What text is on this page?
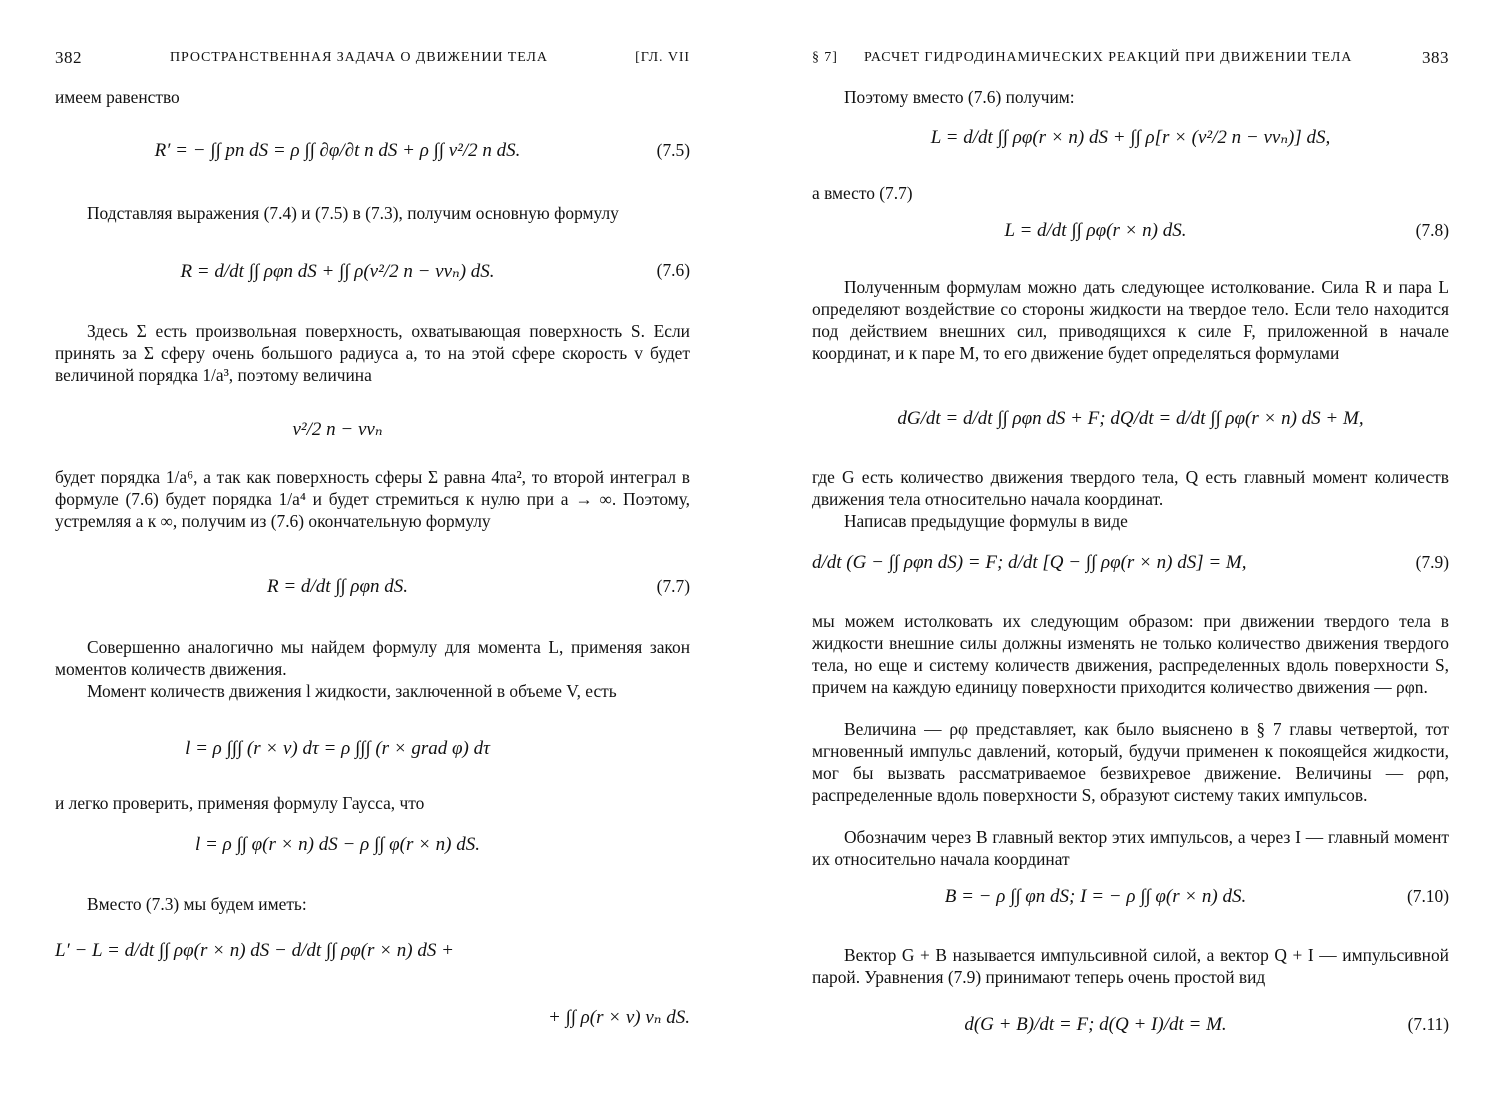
382	ПРОСТРАНСТВЕННАЯ ЗАДАЧА О ДВИЖЕНИИ ТЕЛА	[ГЛ. VII

имеем равенство

R′ = − ∫∫ pn dS = ρ ∫∫ ∂φ/∂t n dS + ρ ∫∫ v²/2 n dS.	(7.5)

Подставляя выражения (7.4) и (7.5) в (7.3), получим основную формулу

R = d/dt ∫∫ ρφn dS + ∫∫ ρ(v²/2 n − vvₙ) dS.	(7.6)

Здесь Σ есть произвольная поверхность, охватывающая поверхность S. Если принять за Σ сферу очень большого радиуса a, то на этой сфере скорость v будет величиной порядка 1/a³, поэтому величина

v²/2 n − vvₙ

будет порядка 1/a⁶, а так как поверхность сферы Σ равна 4πa², то второй интеграл в формуле (7.6) будет порядка 1/a⁴ и будет стремиться к нулю при a → ∞. Поэтому, устремляя a к ∞, получим из (7.6) окончательную формулу

R = d/dt ∫∫ ρφn dS.	(7.7)

Совершенно аналогично мы найдем формулу для момента L, применяя закон моментов количеств движения.

Момент количеств движения l жидкости, заключенной в объеме V, есть

l = ρ ∫∫∫ (r × v) dτ = ρ ∫∫∫ (r × grad φ) dτ

и легко проверить, применяя формулу Гаусса, что

l = ρ ∫∫ φ(r × n) dS − ρ ∫∫ φ(r × n) dS.

Вместо (7.3) мы будем иметь:

L′ − L = d/dt ∫∫ ρφ(r × n) dS − d/dt ∫∫ ρφ(r × n) dS +
+ ∫∫ ρ(r × v) vₙ dS.
§ 7] РАСЧЕТ ГИДРОДИНАМИЧЕСКИХ РЕАКЦИЙ ПРИ ДВИЖЕНИИ ТЕЛА	383

Поэтому вместо (7.6) получим:

L = d/dt ∫∫ ρφ(r × n) dS + ∫∫ ρ[r × (v²/2 n − vvₙ)] dS,

а вместо (7.7)

L = d/dt ∫∫ ρφ(r × n) dS.	(7.8)

Полученным формулам можно дать следующее истолкование. Сила R и пара L определяют воздействие со стороны жидкости на твердое тело. Если тело находится под действием внешних сил, приводящихся к силе F, приложенной в начале координат, и к паре M, то его движение будет определяться формулами

dG/dt = d/dt ∫∫ ρφn dS + F; dQ/dt = d/dt ∫∫ ρφ(r × n) dS + M,

где G есть количество движения твердого тела, Q есть главный момент количеств движения тела относительно начала координат.

Написав предыдущие формулы в виде

d/dt (G − ∫∫ ρφn dS) = F; d/dt [Q − ∫∫ ρφ(r × n) dS] = M,	(7.9)

мы можем истолковать их следующим образом: при движении твердого тела в жидкости внешние силы должны изменять не только количество движения твердого тела, но еще и систему количеств движения, распределенных вдоль поверхности S, причем на каждую единицу поверхности приходится количество движения — ρφn.

Величина — ρφ представляет, как было выяснено в § 7 главы четвертой, тот мгновенный импульс давлений, который, будучи применен к покоящейся жидкости, мог бы вызвать рассматриваемое безвихревое движение. Величины — ρφn, распределенные вдоль поверхности S, образуют систему таких импульсов.

Обозначим через B главный вектор этих импульсов, а через I — главный момент их относительно начала координат

B = − ρ ∫∫ φn dS; I = − ρ ∫∫ φ(r × n) dS.	(7.10)

Вектор G + B называется импульсивной силой, а вектор Q + I — импульсивной парой. Уравнения (7.9) принимают теперь очень простой вид

d(G + B)/dt = F; d(Q + I)/dt = M.	(7.11)
